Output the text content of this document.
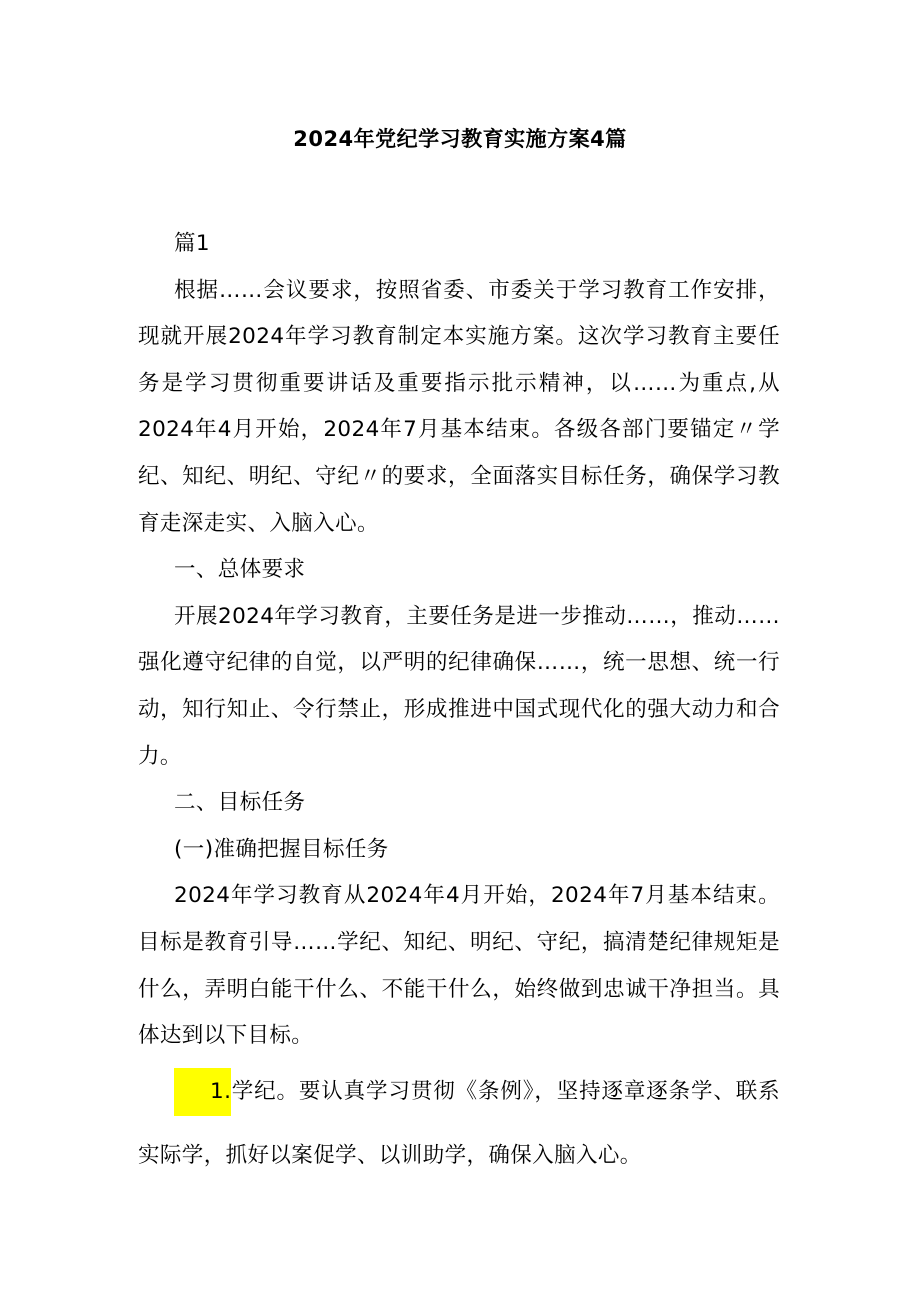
2024年党纪学习教育实施方案4篇

篇1

根据……会议要求，按照省委、市委关于学习教育工作安排，现就开展2024年学习教育制定本实施方案。这次学习教育主要任务是学习贯彻重要讲话及重要指示批示精神，以……为重点,从2024年4月开始，2024年7月基本结束。各级各部门要锚定〃学纪、知纪、明纪、守纪〃的要求，全面落实目标任务，确保学习教育走深走实、入脑入心。

一、总体要求

开展2024年学习教育，主要任务是进一步推动……，推动……强化遵守纪律的自觉，以严明的纪律确保……，统一思想、统一行动，知行知止、令行禁止，形成推进中国式现代化的强大动力和合力。

二、目标任务

(一)准确把握目标任务

2024年学习教育从2024年4月开始，2024年7月基本结束。目标是教育引导……学纪、知纪、明纪、守纪，搞清楚纪律规矩是什么，弄明白能干什么、不能干什么，始终做到忠诚干净担当。具体达到以下目标。

1.学纪。要认真学习贯彻《条例》，坚持逐章逐条学、联系实际学，抓好以案促学、以训助学，确保入脑入心。
